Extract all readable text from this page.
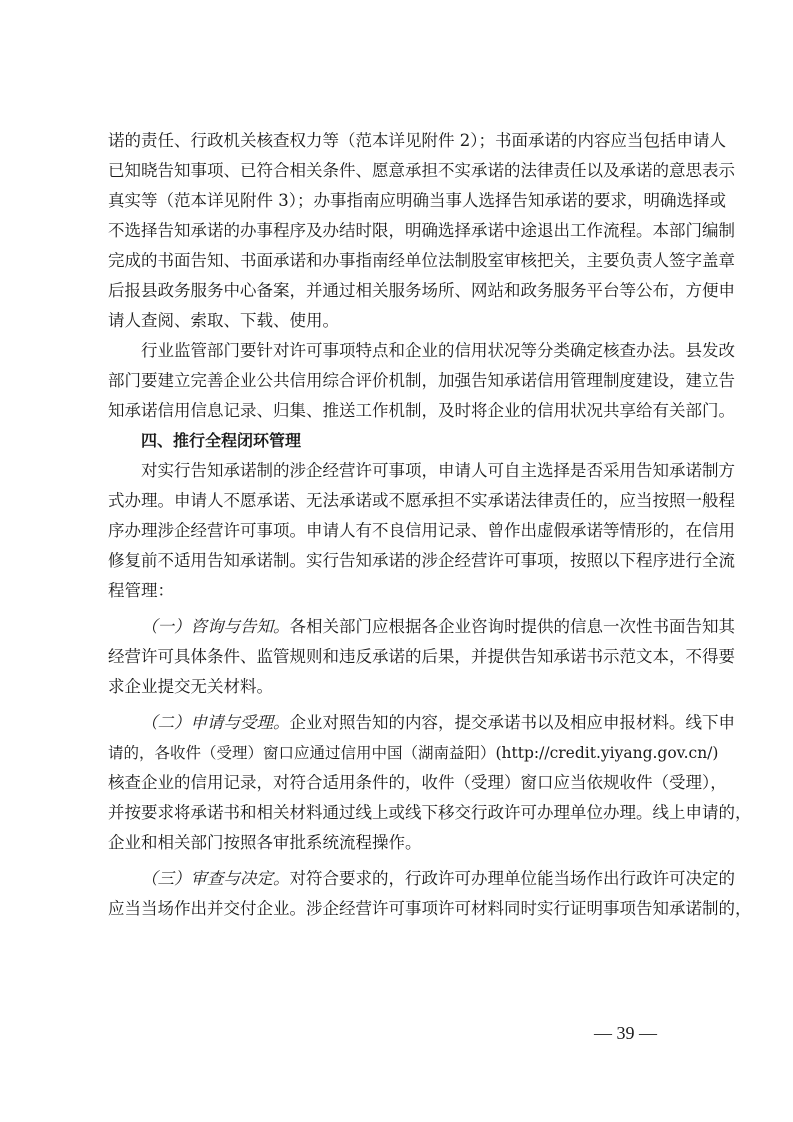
诺的责任、行政机关核查权力等（范本详见附件 2）；书面承诺的内容应当包括申请人
已知晓告知事项、已符合相关条件、愿意承担不实承诺的法律责任以及承诺的意思表示
真实等（范本详见附件 3）；办事指南应明确当事人选择告知承诺的要求，明确选择或
不选择告知承诺的办事程序及办结时限，明确选择承诺中途退出工作流程。本部门编制
完成的书面告知、书面承诺和办事指南经单位法制股室审核把关，主要负责人签字盖章
后报县政务服务中心备案，并通过相关服务场所、网站和政务服务平台等公布，方便申
请人查阅、索取、下载、使用。
行业监管部门要针对许可事项特点和企业的信用状况等分类确定核查办法。县发改
部门要建立完善企业公共信用综合评价机制，加强告知承诺信用管理制度建设，建立告
知承诺信用信息记录、归集、推送工作机制，及时将企业的信用状况共享给有关部门。
四、推行全程闭环管理
对实行告知承诺制的涉企经营许可事项，申请人可自主选择是否采用告知承诺制方
式办理。申请人不愿承诺、无法承诺或不愿承担不实承诺法律责任的，应当按照一般程
序办理涉企经营许可事项。申请人有不良信用记录、曾作出虚假承诺等情形的，在信用
修复前不适用告知承诺制。实行告知承诺的涉企经营许可事项，按照以下程序进行全流
程管理：
（一）咨询与告知。各相关部门应根据各企业咨询时提供的信息一次性书面告知其
经营许可具体条件、监管规则和违反承诺的后果，并提供告知承诺书示范文本，不得要
求企业提交无关材料。
（二）申请与受理。企业对照告知的内容，提交承诺书以及相应申报材料。线下申
请的，各收件（受理）窗口应通过信用中国（湖南益阳）(http://credit.yiyang.gov.cn/)
核查企业的信用记录，对符合适用条件的，收件（受理）窗口应当依规收件（受理），
并按要求将承诺书和相关材料通过线上或线下移交行政许可办理单位办理。线上申请的，
企业和相关部门按照各审批系统流程操作。
（三）审查与决定。对符合要求的，行政许可办理单位能当场作出行政许可决定的
应当当场作出并交付企业。涉企经营许可事项许可材料同时实行证明事项告知承诺制的，
— 39 —
